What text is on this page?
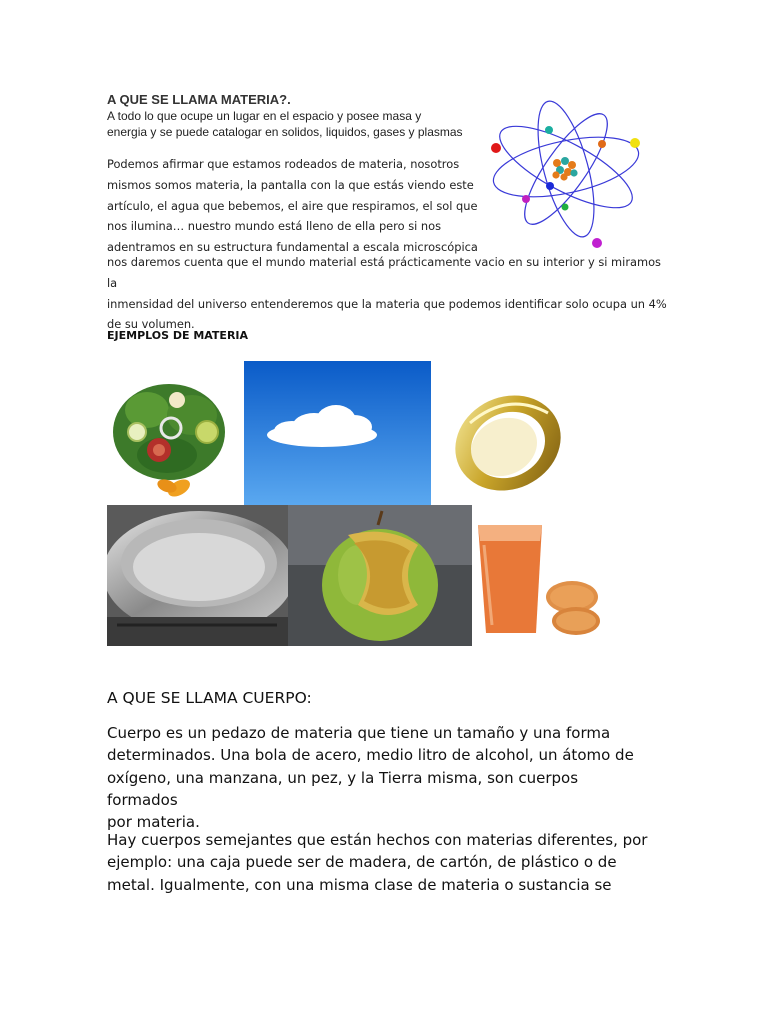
A QUE SE LLAMA MATERIA?.
A todo lo que ocupe un lugar en el espacio y posee masa y
energia y se puede catalogar en solidos, liquidos, gases y plasmas
Podemos afirmar que estamos rodeados de materia, nosotros
mismos somos materia, la pantalla con la que estás viendo este
artículo, el agua que bebemos, el aire que respiramos, el sol que
nos ilumina… nuestro mundo está lleno de ella pero si nos
adentramos en su estructura fundamental a escala microscópica
nos daremos cuenta que el mundo material está prácticamente vacio en su interior y si miramos la
inmensidad del universo entenderemos que la materia que podemos identificar solo ocupa un 4%
de su volumen.
EJEMPLOS DE MATERIA
A QUE SE LLAMA CUERPO:
Cuerpo es un pedazo de materia que tiene un tamaño y una forma
determinados. Una bola de acero, medio litro de alcohol, un átomo de
oxígeno, una manzana, un pez, y la Tierra misma, son cuerpos formados
por materia.
Hay cuerpos semejantes que están hechos con materias diferentes, por
ejemplo: una caja puede ser de madera, de cartón, de plástico o de
metal. Igualmente, con una misma clase de materia o sustancia se
